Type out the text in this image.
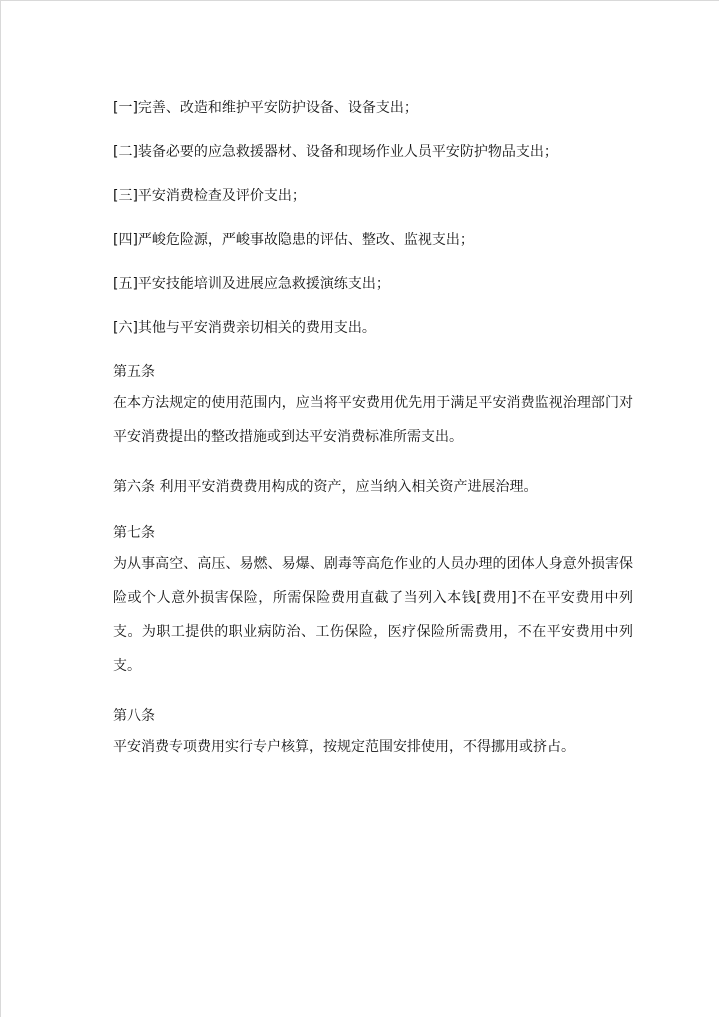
[一]完善、改造和维护平安防护设备、设备支出；

[二]装备必要的应急救援器材、设备和现场作业人员平安防护物品支出；

[三]平安消费检查及评价支出；

[四]严峻危险源，严峻事故隐患的评估、整改、监视支出；

[五]平安技能培训及进展应急救援演练支出；

[六]其他与平安消费亲切相关的费用支出。

第五条
在本方法规定的使用范围内，应当将平安费用优先用于满足平安消费监视治理部门对平安消费提出的整改措施或到达平安消费标准所需支出。

第六条 利用平安消费费用构成的资产，应当纳入相关资产进展治理。

第七条
为从事高空、高压、易燃、易爆、剧毒等高危作业的人员办理的团体人身意外损害保险或个人意外损害保险，所需保险费用直截了当列入本钱[费用]不在平安费用中列支。为职工提供的职业病防治、工伤保险，医疗保险所需费用，不在平安费用中列支。
第八条
平安消费专项费用实行专户核算，按规定范围安排使用，不得挪用或挤占。
